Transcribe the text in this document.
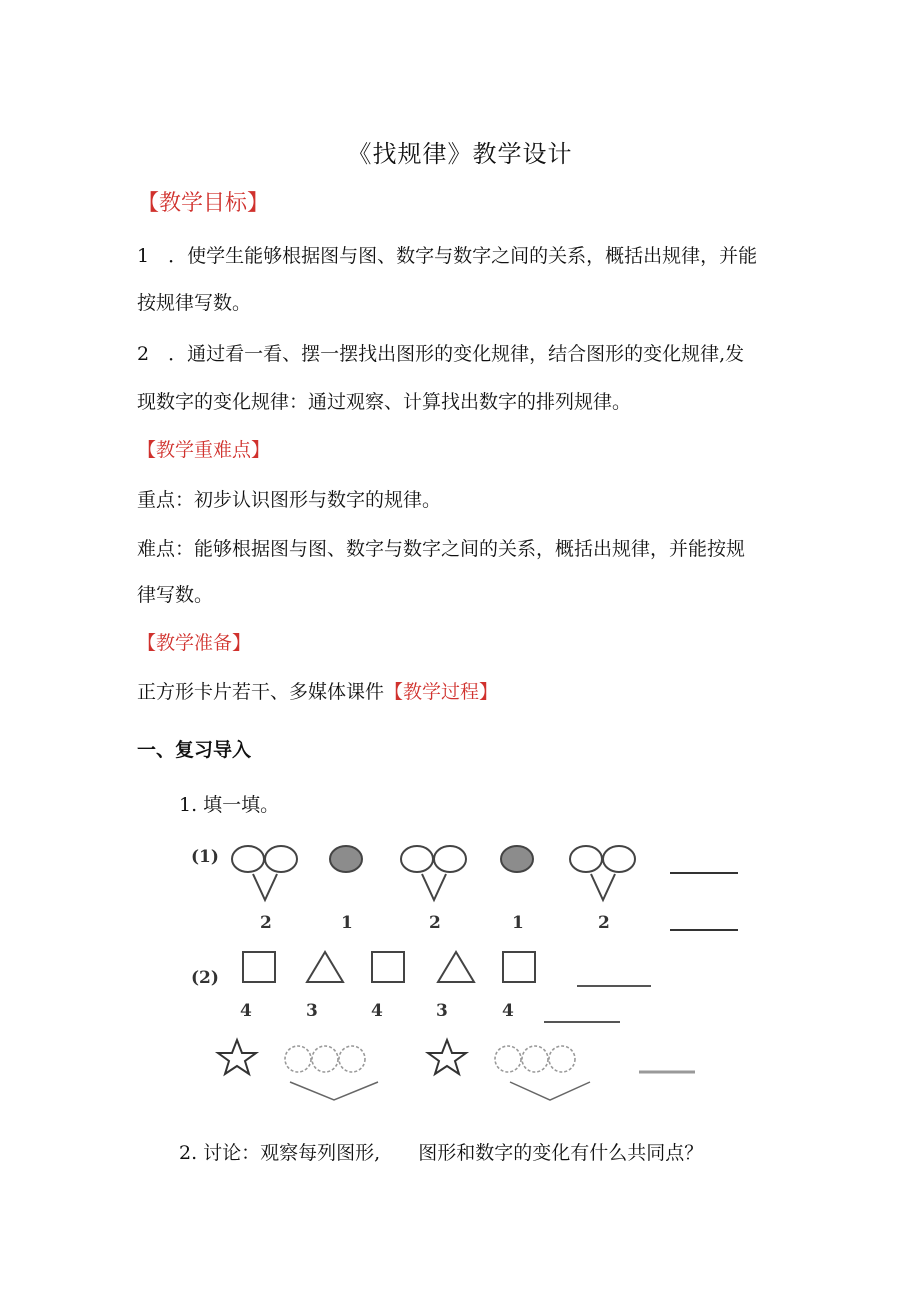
《找规律》教学设计
【教学目标】
1　．使学生能够根据图与图、数字与数字之间的关系，概括出规律，并能
按规律写数。
2　．通过看一看、摆一摆找出图形的变化规律，结合图形的变化规律,发
现数字的变化规律：通过观察、计算找出数字的排列规律。
【教学重难点】
重点：初步认识图形与数字的规律。
难点：能够根据图与图、数字与数字之间的关系，概括出规律，并能按规
律写数。
【教学准备】
正方形卡片若干、多媒体课件【教学过程】
一、复习导入
1. 填一填。
(1)
2	1	2	1	2
(2)
4	3	4	3	4
2. 讨论：观察每列图形, 图形和数字的变化有什么共同点？
